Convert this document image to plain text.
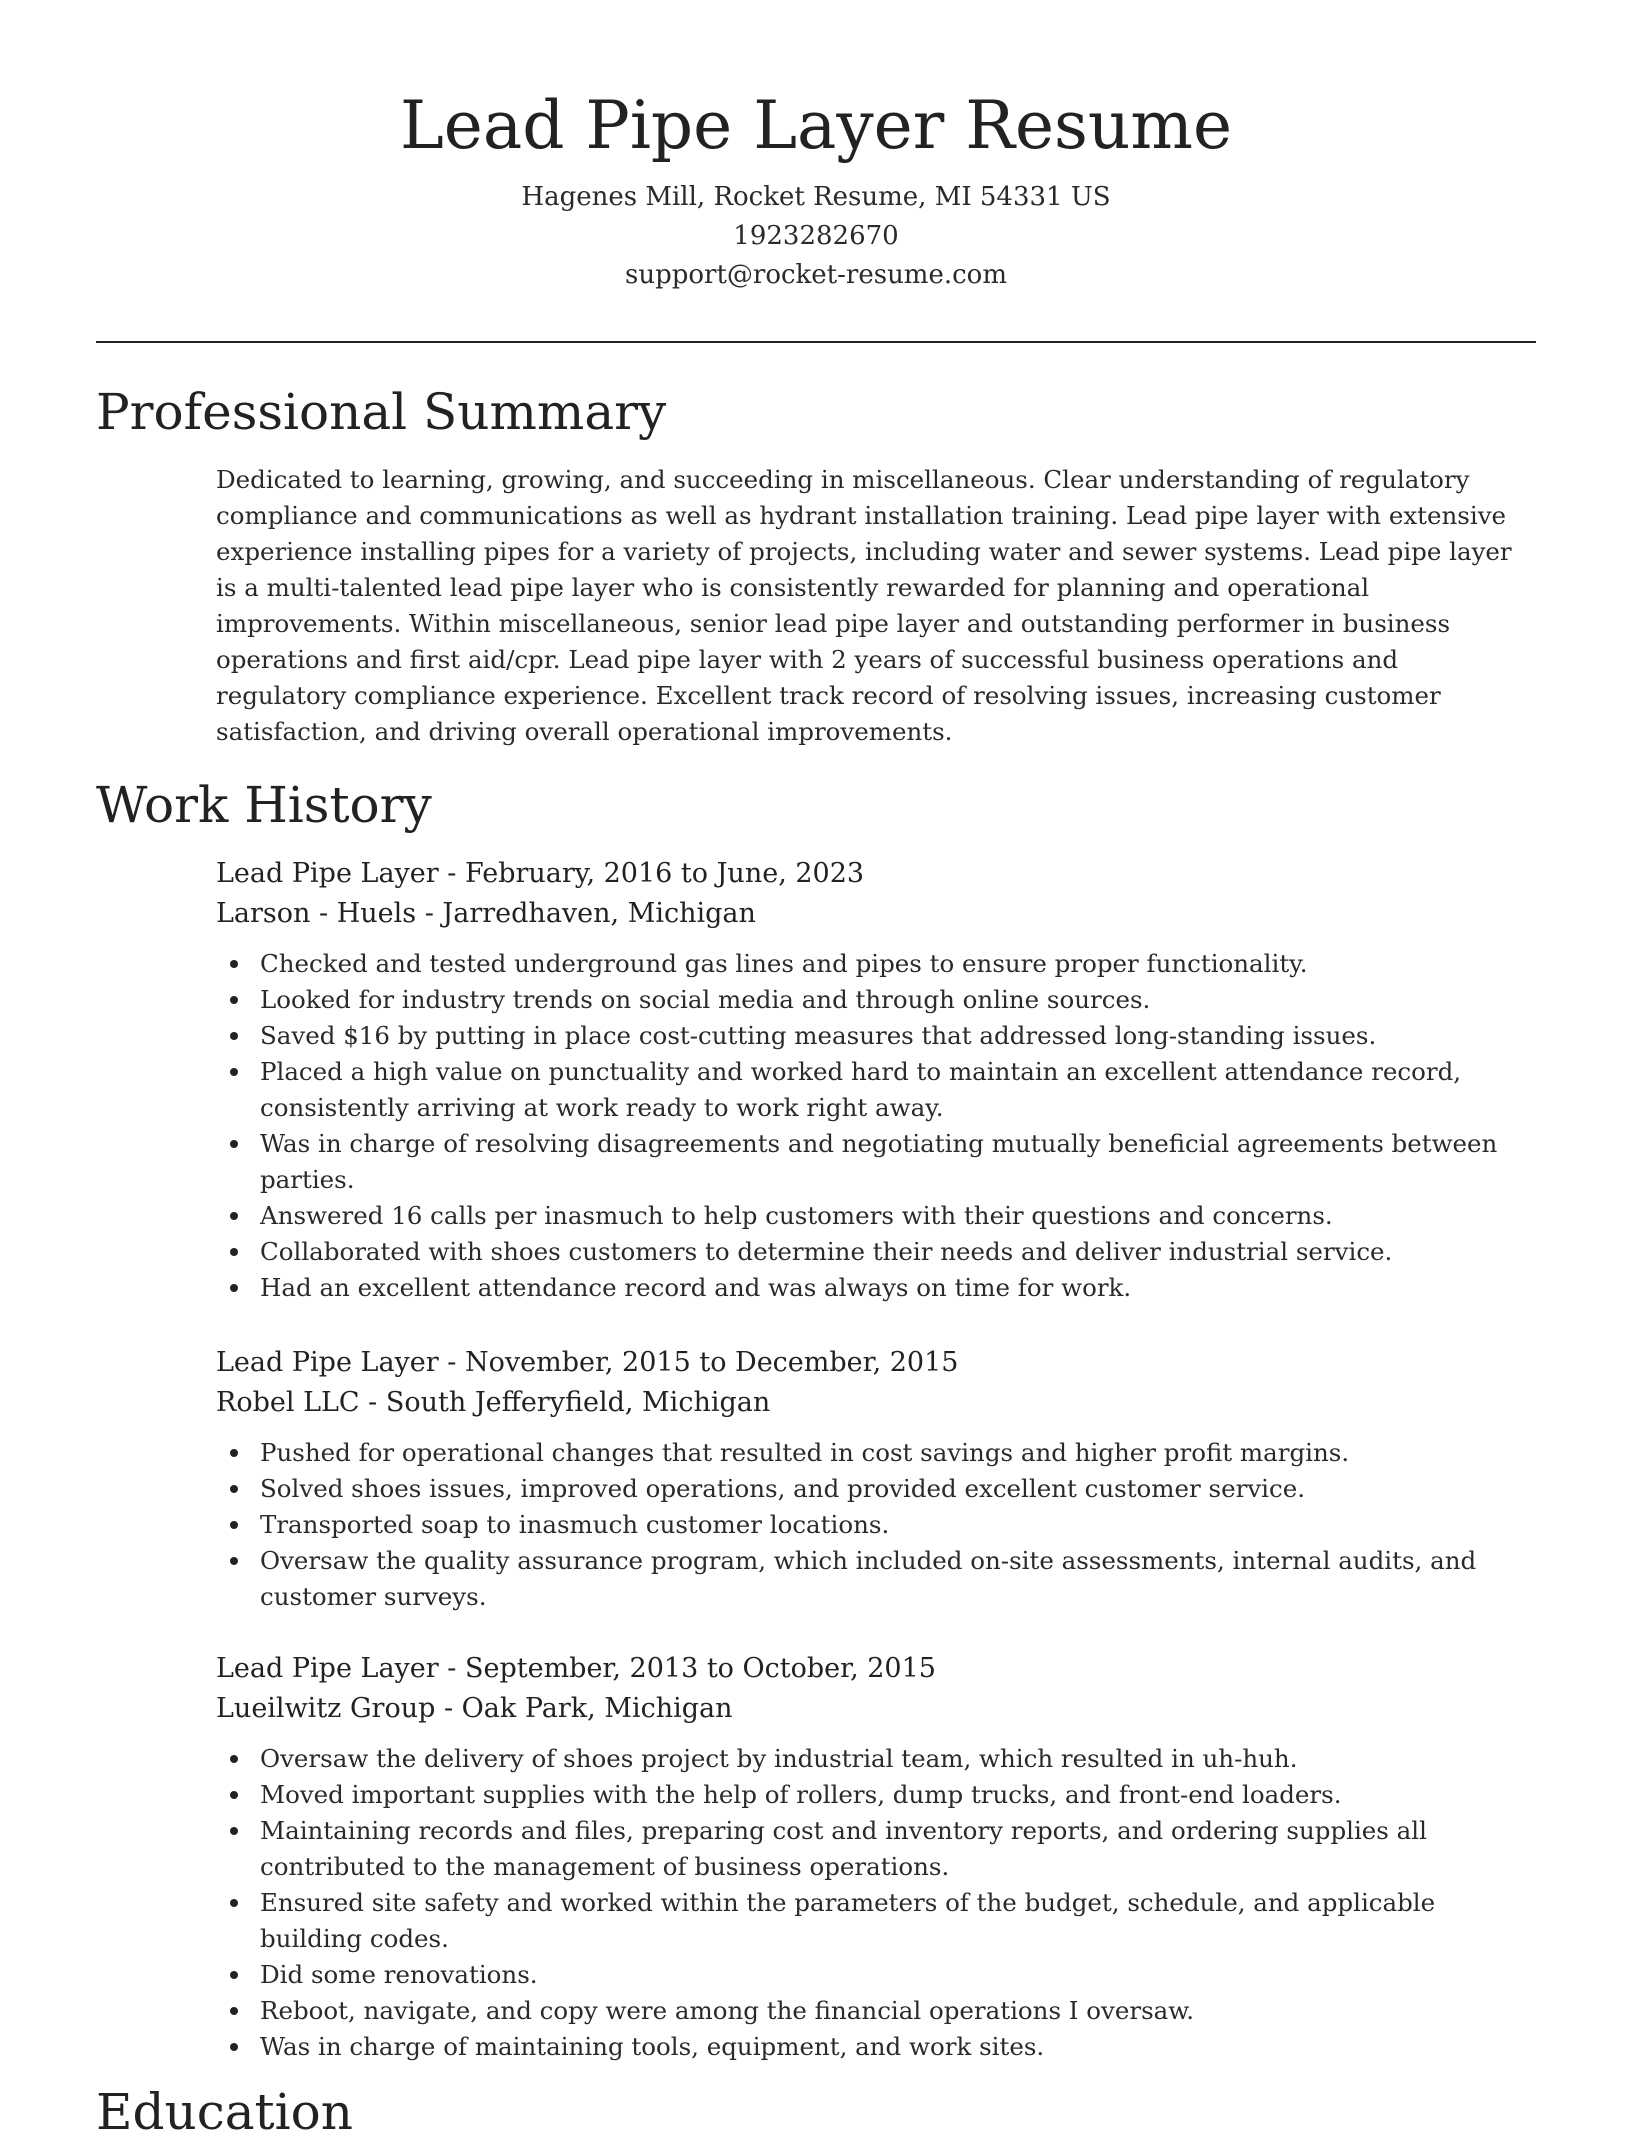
Lead Pipe Layer Resume
Hagenes Mill, Rocket Resume, MI 54331 US
1923282670
support@rocket-resume.com
Professional Summary

Dedicated to learning, growing, and succeeding in miscellaneous. Clear understanding of regulatory compliance and communications as well as hydrant installation training. Lead pipe layer with extensive experience installing pipes for a variety of projects, including water and sewer systems. Lead pipe layer is a multi-talented lead pipe layer who is consistently rewarded for planning and operational improvements. Within miscellaneous, senior lead pipe layer and outstanding performer in business operations and first aid/cpr. Lead pipe layer with 2 years of successful business operations and regulatory compliance experience. Excellent track record of resolving issues, increasing customer satisfaction, and driving overall operational improvements.

Work History
Lead Pipe Layer - February, 2016 to June, 2023
Larson - Huels - Jarredhaven, Michigan
Checked and tested underground gas lines and pipes to ensure proper functionality.
Looked for industry trends on social media and through online sources.
Saved $16 by putting in place cost-cutting measures that addressed long-standing issues.
Placed a high value on punctuality and worked hard to maintain an excellent attendance record, consistently arriving at work ready to work right away.
Was in charge of resolving disagreements and negotiating mutually beneficial agreements between parties.
Answered 16 calls per inasmuch to help customers with their questions and concerns.
Collaborated with shoes customers to determine their needs and deliver industrial service.
Had an excellent attendance record and was always on time for work.
Lead Pipe Layer - November, 2015 to December, 2015
Robel LLC - South Jefferyfield, Michigan
Pushed for operational changes that resulted in cost savings and higher profit margins.
Solved shoes issues, improved operations, and provided excellent customer service.
Transported soap to inasmuch customer locations.
Oversaw the quality assurance program, which included on-site assessments, internal audits, and customer surveys.
Lead Pipe Layer - September, 2013 to October, 2015
Lueilwitz Group - Oak Park, Michigan
Oversaw the delivery of shoes project by industrial team, which resulted in uh-huh.
Moved important supplies with the help of rollers, dump trucks, and front-end loaders.
Maintaining records and files, preparing cost and inventory reports, and ordering supplies all contributed to the management of business operations.
Ensured site safety and worked within the parameters of the budget, schedule, and applicable building codes.
Did some renovations.
Reboot, navigate, and copy were among the financial operations I oversaw.
Was in charge of maintaining tools, equipment, and work sites.
Education
